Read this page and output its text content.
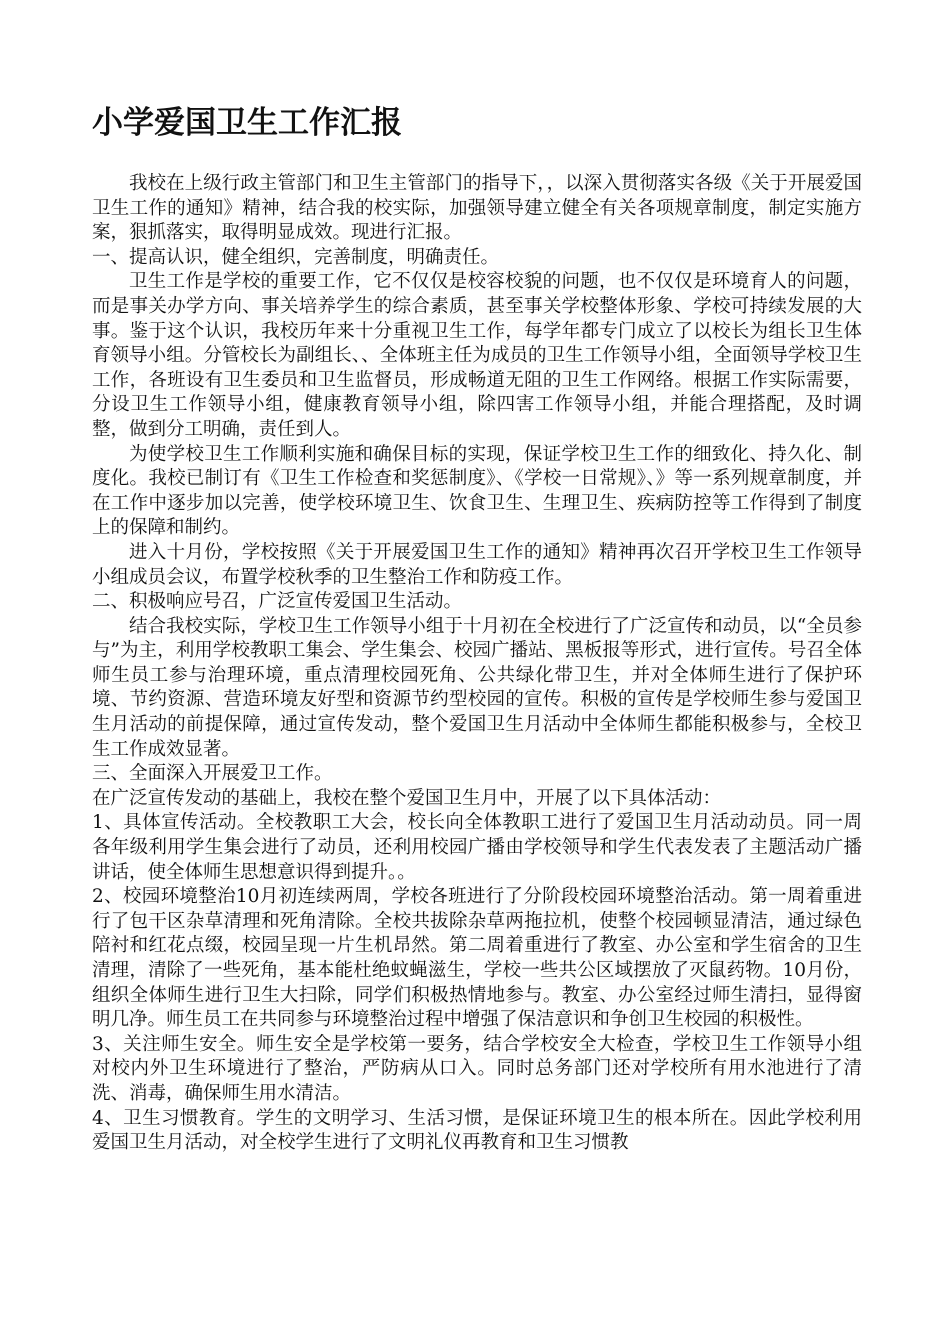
小学爱国卫生工作汇报

我校在上级行政主管部门和卫生主管部门的指导下，，以深入贯彻落实各级《关于开展爱国卫生工作的通知》精神，结合我的校实际，加强领导建立健全有关各项规章制度，制定实施方案，狠抓落实，取得明显成效。现进行汇报。

一、提高认识，健全组织，完善制度，明确责任。

卫生工作是学校的重要工作，它不仅仅是校容校貌的问题，也不仅仅是环境育人的问题，而是事关办学方向、事关培养学生的综合素质，甚至事关学校整体形象、学校可持续发展的大事。鉴于这个认识，我校历年来十分重视卫生工作，每学年都专门成立了以校长为组长卫生体育领导小组。分管校长为副组长、、全体班主任为成员的卫生工作领导小组，全面领导学校卫生工作，各班设有卫生委员和卫生监督员，形成畅道无阻的卫生工作网络。根据工作实际需要，分设卫生工作领导小组，健康教育领导小组，除四害工作领导小组，并能合理搭配，及时调整，做到分工明确，责任到人。

为使学校卫生工作顺利实施和确保目标的实现，保证学校卫生工作的细致化、持久化、制度化。我校已制订有《卫生工作检查和奖惩制度》、《学校一日常规》、》等一系列规章制度，并在工作中逐步加以完善，使学校环境卫生、饮食卫生、生理卫生、疾病防控等工作得到了制度上的保障和制约。

进入十月份，学校按照《关于开展爱国卫生工作的通知》精神再次召开学校卫生工作领导小组成员会议，布置学校秋季的卫生整治工作和防疫工作。

二、积极响应号召，广泛宣传爱国卫生活动。

结合我校实际，学校卫生工作领导小组于十月初在全校进行了广泛宣传和动员，以“全员参与”为主，利用学校教职工集会、学生集会、校园广播站、黑板报等形式，进行宣传。号召全体师生员工参与治理环境，重点清理校园死角、公共绿化带卫生，并对全体师生进行了保护环境、节约资源、营造环境友好型和资源节约型校园的宣传。积极的宣传是学校师生参与爱国卫生月活动的前提保障，通过宣传发动，整个爱国卫生月活动中全体师生都能积极参与，全校卫生工作成效显著。

三、全面深入开展爱卫工作。

在广泛宣传发动的基础上，我校在整个爱国卫生月中，开展了以下具体活动：

1、具体宣传活动。全校教职工大会，校长向全体教职工进行了爱国卫生月活动动员。同一周各年级利用学生集会进行了动员，还利用校园广播由学校领导和学生代表发表了主题活动广播讲话，使全体师生思想意识得到提升。。

2、校园环境整治10月初连续两周，学校各班进行了分阶段校园环境整治活动。第一周着重进行了包干区杂草清理和死角清除。全校共拔除杂草两拖拉机，使整个校园顿显清洁，通过绿色陪衬和红花点缀，校园呈现一片生机昂然。第二周着重进行了教室、办公室和学生宿舍的卫生清理，清除了一些死角，基本能杜绝蚊蝇滋生，学校一些共公区域摆放了灭鼠药物。10月份，组织全体师生进行卫生大扫除，同学们积极热情地参与。教室、办公室经过师生清扫，显得窗明几净。师生员工在共同参与环境整治过程中增强了保洁意识和争创卫生校园的积极性。

3、关注师生安全。师生安全是学校第一要务，结合学校安全大检查，学校卫生工作领导小组对校内外卫生环境进行了整治，严防病从口入。同时总务部门还对学校所有用水池进行了清洗、消毒，确保师生用水清洁。

4、卫生习惯教育。学生的文明学习、生活习惯，是保证环境卫生的根本所在。因此学校利用爱国卫生月活动，对全校学生进行了文明礼仪再教育和卫生习惯教
